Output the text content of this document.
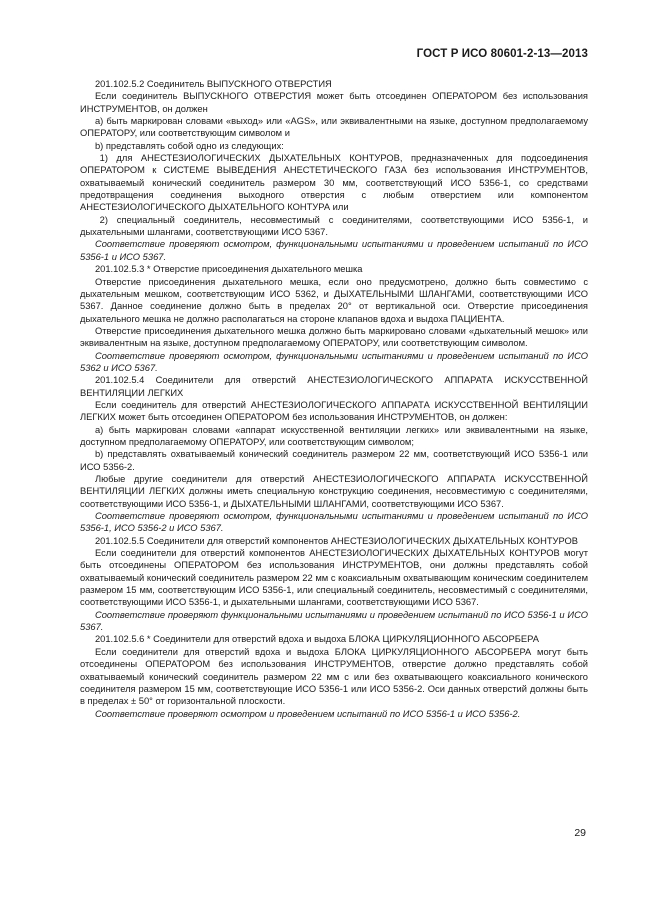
ГОСТ Р ИСО 80601-2-13—2013

201.102.5.2 Соединитель ВЫПУСКНОГО ОТВЕРСТИЯ

Если соединитель ВЫПУСКНОГО ОТВЕРСТИЯ может быть отсоединен ОПЕРАТОРОМ без использования ИНСТРУМЕНТОВ, он должен

a) быть маркирован словами «выход» или «AGS», или эквивалентными на языке, доступном предполагаемому ОПЕРАТОРУ, или соответствующим символом и

b) представлять собой одно из следующих:

1) для АНЕСТЕЗИОЛОГИЧЕСКИХ ДЫХАТЕЛЬНЫХ КОНТУРОВ, предназначенных для подсоединения ОПЕРАТОРОМ к СИСТЕМЕ ВЫВЕДЕНИЯ АНЕСТЕТИЧЕСКОГО ГАЗА без использования ИНСТРУМЕНТОВ, охватываемый конический соединитель размером 30 мм, соответствующий ИСО 5356-1, со средствами предотвращения соединения выходного отверстия с любым отверстием или компонентом АНЕСТЕЗИОЛОГИЧЕСКОГО ДЫХАТЕЛЬНОГО КОНТУРА или

2) специальный соединитель, несовместимый с соединителями, соответствующими ИСО 5356-1, и дыхательными шлангами, соответствующими ИСО 5367.

Соответствие проверяют осмотром, функциональными испытаниями и проведением испытаний по ИСО 5356-1 и ИСО 5367.

201.102.5.3 * Отверстие присоединения дыхательного мешка

Отверстие присоединения дыхательного мешка, если оно предусмотрено, должно быть совместимо с дыхательным мешком, соответствующим ИСО 5362, и ДЫХАТЕЛЬНЫМИ ШЛАНГАМИ, соответствующими ИСО 5367. Данное соединение должно быть в пределах 20° от вертикальной оси. Отверстие присоединения дыхательного мешка не должно располагаться на стороне клапанов вдоха и выдоха ПАЦИЕНТА.

Отверстие присоединения дыхательного мешка должно быть маркировано словами «дыхательный мешок» или эквивалентным на языке, доступном предполагаемому ОПЕРАТОРУ, или соответствующим символом.

Соответствие проверяют осмотром, функциональными испытаниями и проведением испытаний по ИСО 5362 и ИСО 5367.

201.102.5.4 Соединители для отверстий АНЕСТЕЗИОЛОГИЧЕСКОГО АППАРАТА ИСКУССТВЕННОЙ ВЕНТИЛЯЦИИ ЛЕГКИХ

Если соединитель для отверстий АНЕСТЕЗИОЛОГИЧЕСКОГО АППАРАТА ИСКУССТВЕННОЙ ВЕНТИЛЯЦИИ ЛЕГКИХ может быть отсоединен ОПЕРАТОРОМ без использования ИНСТРУМЕНТОВ, он должен:

a) быть маркирован словами «аппарат искусственной вентиляции легких» или эквивалентными на языке, доступном предполагаемому ОПЕРАТОРУ, или соответствующим символом;

b) представлять охватываемый конический соединитель размером 22 мм, соответствующий ИСО 5356-1 или ИСО 5356-2.

Любые другие соединители для отверстий АНЕСТЕЗИОЛОГИЧЕСКОГО АППАРАТА ИСКУССТВЕННОЙ ВЕНТИЛЯЦИИ ЛЕГКИХ должны иметь специальную конструкцию соединения, несовместимую с соединителями, соответствующими ИСО 5356-1, и ДЫХАТЕЛЬНЫМИ ШЛАНГАМИ, соответствующими ИСО 5367.

Соответствие проверяют осмотром, функциональными испытаниями и проведением испытаний по ИСО 5356-1, ИСО 5356-2 и ИСО 5367.

201.102.5.5 Соединители для отверстий компонентов АНЕСТЕЗИОЛОГИЧЕСКИХ ДЫХАТЕЛЬНЫХ КОНТУРОВ

Если соединители для отверстий компонентов АНЕСТЕЗИОЛОГИЧЕСКИХ ДЫХАТЕЛЬНЫХ КОНТУРОВ могут быть отсоединены ОПЕРАТОРОМ без использования ИНСТРУМЕНТОВ, они должны представлять собой охватываемый конический соединитель размером 22 мм с коаксиальным охватывающим коническим соединителем размером 15 мм, соответствующим ИСО 5356-1, или специальный соединитель, несовместимый с соединителями, соответствующими ИСО 5356-1, и дыхательными шлангами, соответствующими ИСО 5367.

Соответствие проверяют функциональными испытаниями и проведением испытаний по ИСО 5356-1 и ИСО 5367.

201.102.5.6 * Соединители для отверстий вдоха и выдоха БЛОКА ЦИРКУЛЯЦИОННОГО АБСОРБЕРА

Если соединители для отверстий вдоха и выдоха БЛОКА ЦИРКУЛЯЦИОННОГО АБСОРБЕРА могут быть отсоединены ОПЕРАТОРОМ без использования ИНСТРУМЕНТОВ, отверстие должно представлять собой охватываемый конический соединитель размером 22 мм с или без охватывающего коаксиального конического соединителя размером 15 мм, соответствующие ИСО 5356-1 или ИСО 5356-2. Оси данных отверстий должны быть в пределах ± 50° от горизонтальной плоскости.

Соответствие проверяют осмотром и проведением испытаний по ИСО 5356-1 и ИСО 5356-2.

29
